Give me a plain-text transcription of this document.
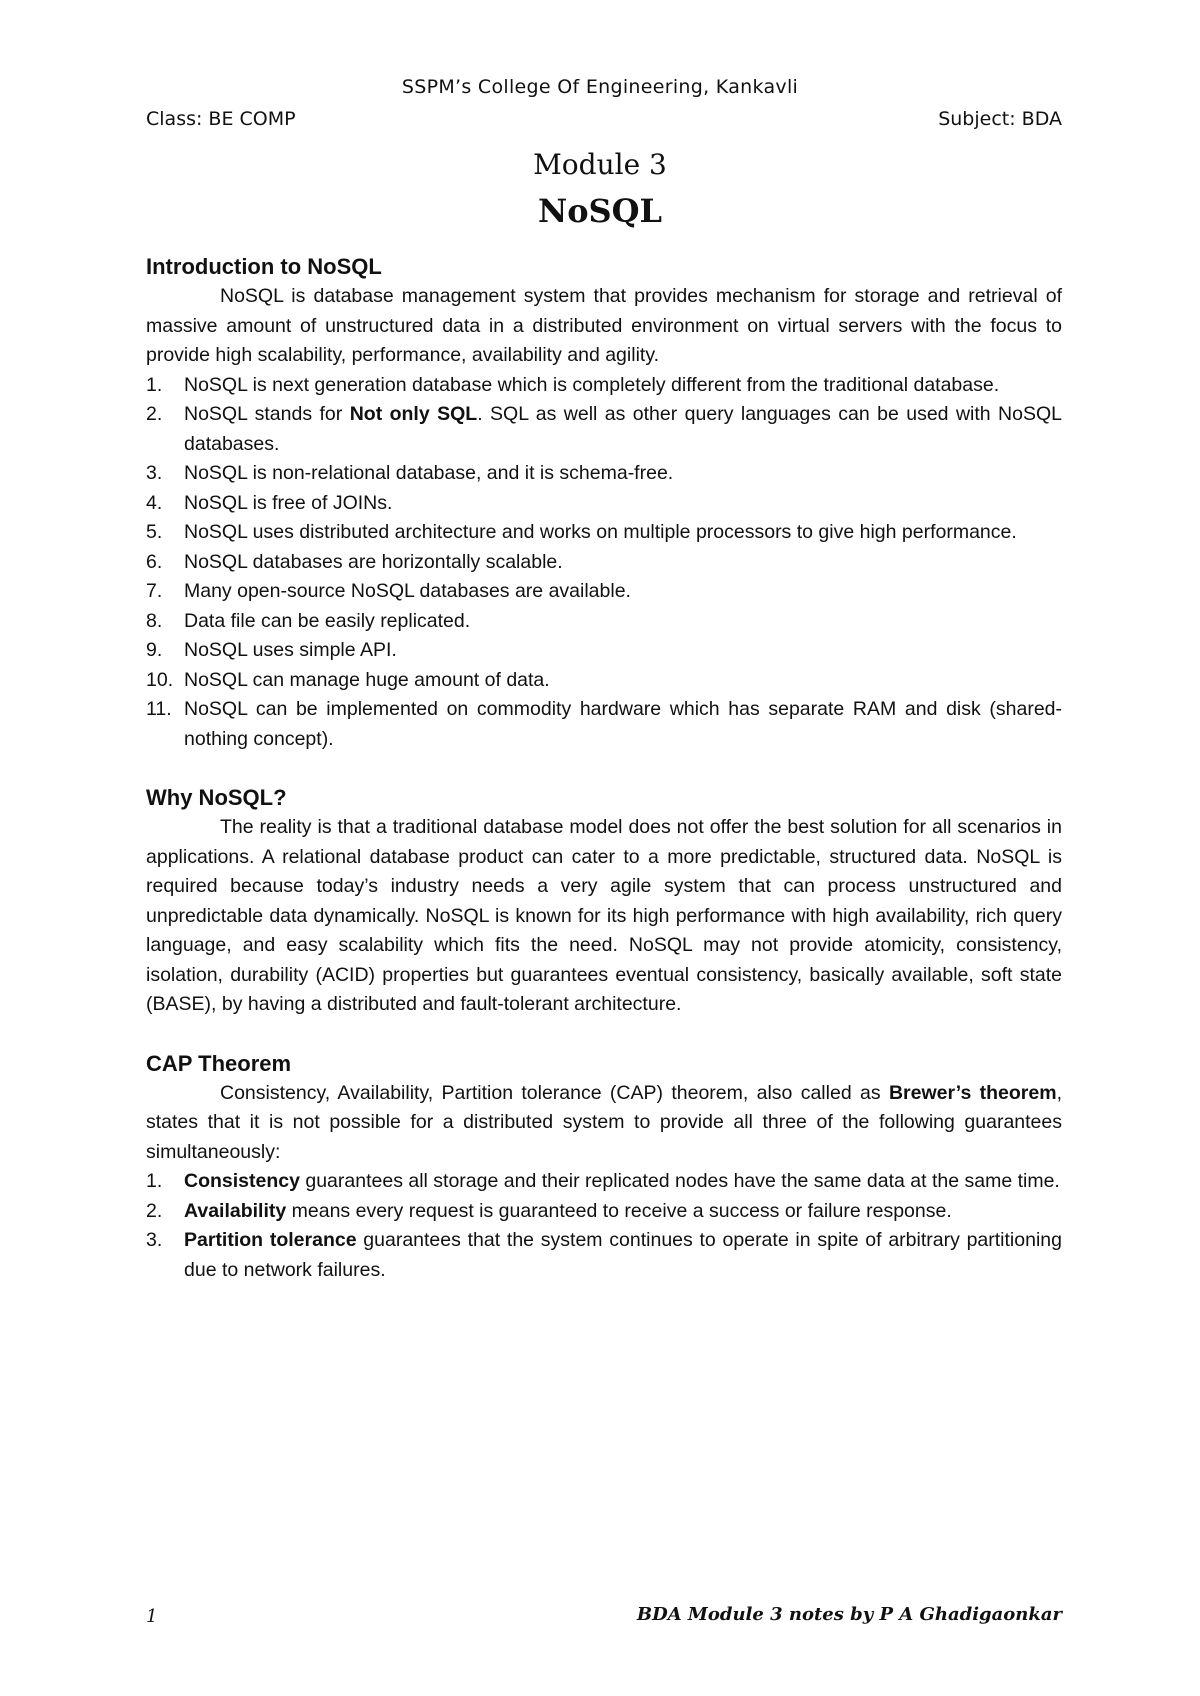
SSPM’s College Of Engineering, Kankavli
Class: BE COMP	Subject: BDA
Module 3
NoSQL
Introduction to NoSQL

NoSQL is database management system that provides mechanism for storage and retrieval of massive amount of unstructured data in a distributed environment on virtual servers with the focus to provide high scalability, performance, availability and agility.

1. NoSQL is next generation database which is completely different from the traditional database.
2. NoSQL stands for Not only SQL. SQL as well as other query languages can be used with NoSQL databases.
3. NoSQL is non-relational database, and it is schema-free.
4. NoSQL is free of JOINs.
5. NoSQL uses distributed architecture and works on multiple processors to give high performance.
6. NoSQL databases are horizontally scalable.
7. Many open-source NoSQL databases are available.
8. Data file can be easily replicated.
9. NoSQL uses simple API.
10. NoSQL can manage huge amount of data.
11. NoSQL can be implemented on commodity hardware which has separate RAM and disk (shared-nothing concept).
Why NoSQL?

The reality is that a traditional database model does not offer the best solution for all scenarios in applications. A relational database product can cater to a more predictable, structured data. NoSQL is required because today’s industry needs a very agile system that can process unstructured and unpredictable data dynamically. NoSQL is known for its high performance with high availability, rich query language, and easy scalability which fits the need. NoSQL may not provide atomicity, consistency, isolation, durability (ACID) properties but guarantees eventual consistency, basically available, soft state (BASE), by having a distributed and fault-tolerant architecture.

CAP Theorem

Consistency, Availability, Partition tolerance (CAP) theorem, also called as Brewer’s theorem, states that it is not possible for a distributed system to provide all three of the following guarantees simultaneously:

1. Consistency guarantees all storage and their replicated nodes have the same data at the same time.
2. Availability means every request is guaranteed to receive a success or failure response.
3. Partition tolerance guarantees that the system continues to operate in spite of arbitrary partitioning due to network failures.
1	BDA Module 3 notes by P A Ghadigaonkar
